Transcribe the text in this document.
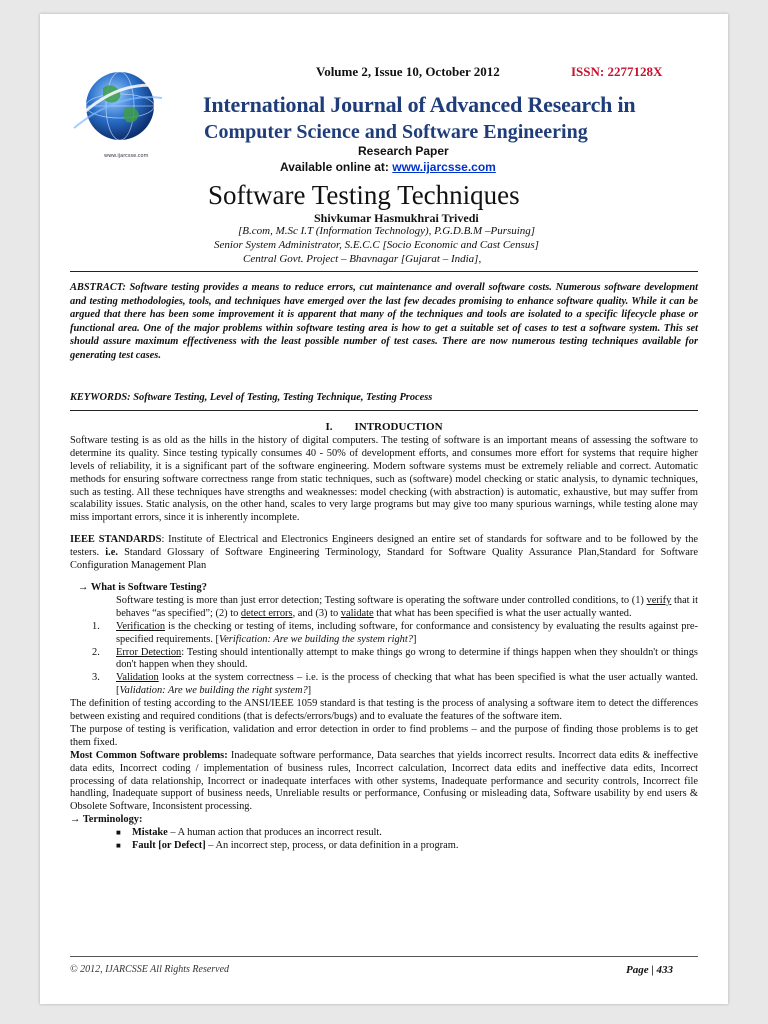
www.ijarcsse.com
Volume 2, Issue 10, October 2012	ISSN: 2277128X
International Journal of Advanced Research in
Computer Science and Software Engineering
Research Paper
Available online at: www.ijarcsse.com
Software Testing Techniques
Shivkumar Hasmukhrai Trivedi
[B.com, M.Sc I.T (Information Technology), P.G.D.B.M –Pursuing]
Senior System Administrator, S.E.C.C [Socio Economic and Cast Census]
Central Govt. Project – Bhavnagar [Gujarat – India],
ABSTRACT: Software testing provides a means to reduce errors, cut maintenance and overall software costs. Numerous software development and testing methodologies, tools, and techniques have emerged over the last few decades promising to enhance software quality. While it can be argued that there has been some improvement it is apparent that many of the techniques and tools are isolated to a specific lifecycle phase or functional area. One of the major problems within software testing area is how to get a suitable set of cases to test a software system. This set should assure maximum effectiveness with the least possible number of test cases. There are now numerous testing techniques available for generating test cases.
KEYWORDS: Software Testing, Level of Testing, Testing Technique, Testing Process
I. INTRODUCTION

Software testing is as old as the hills in the history of digital computers. The testing of software is an important means of assessing the software to determine its quality. Since testing typically consumes 40 - 50% of development efforts, and consumes more effort for systems that require higher levels of reliability, it is a significant part of the software engineering. Modern software systems must be extremely reliable and correct. Automatic methods for ensuring software correctness range from static techniques, such as (software) model checking or static analysis, to dynamic techniques, such as testing. All these techniques have strengths and weaknesses: model checking (with abstraction) is automatic, exhaustive, but may suffer from scalability issues. Static analysis, on the other hand, scales to very large programs but may give too many spurious warnings, while testing alone may miss important errors, since it is inherently incomplete.

IEEE STANDARDS: Institute of Electrical and Electronics Engineers designed an entire set of standards for software and to be followed by the testers. i.e. Standard Glossary of Software Engineering Terminology, Standard for Software Quality Assurance Plan,Standard for Software Configuration Management Plan

→ What is Software Testing?
Software testing is more than just error detection; Testing software is operating the software under controlled conditions, to (1) verify that it behaves “as specified”; (2) to detect errors, and (3) to validate that what has been specified is what the user actually wanted.
1.	Verification is the checking or testing of items, including software, for conformance and consistency by evaluating the results against pre-specified requirements. [Verification: Are we building the system right?]
2.	Error Detection: Testing should intentionally attempt to make things go wrong to determine if things happen when they shouldn't or things don't happen when they should.
3.	Validation looks at the system correctness – i.e. is the process of checking that what has been specified is what the user actually wanted. [Validation: Are we building the right system?]

The definition of testing according to the ANSI/IEEE 1059 standard is that testing is the process of analysing a software item to detect the differences between existing and required conditions (that is defects/errors/bugs) and to evaluate the features of the software item.

The purpose of testing is verification, validation and error detection in order to find problems – and the purpose of finding those problems is to get them fixed.

Most Common Software problems: Inadequate software performance, Data searches that yields incorrect results. Incorrect data edits & ineffective data edits, Incorrect coding / implementation of business rules, Incorrect calculation, Incorrect data edits and ineffective data edits, Incorrect processing of data relationship, Incorrect or inadequate interfaces with other systems, Inadequate performance and security controls, Incorrect file handling, Inadequate support of business needs, Unreliable results or performance, Confusing or misleading data, Software usability by end users & Obsolete Software, Inconsistent processing.

→ Terminology:
■	Mistake – A human action that produces an incorrect result.
■	Fault [or Defect] – An incorrect step, process, or data definition in a program.
© 2012, IJARCSSE All Rights Reserved	Page | 433
